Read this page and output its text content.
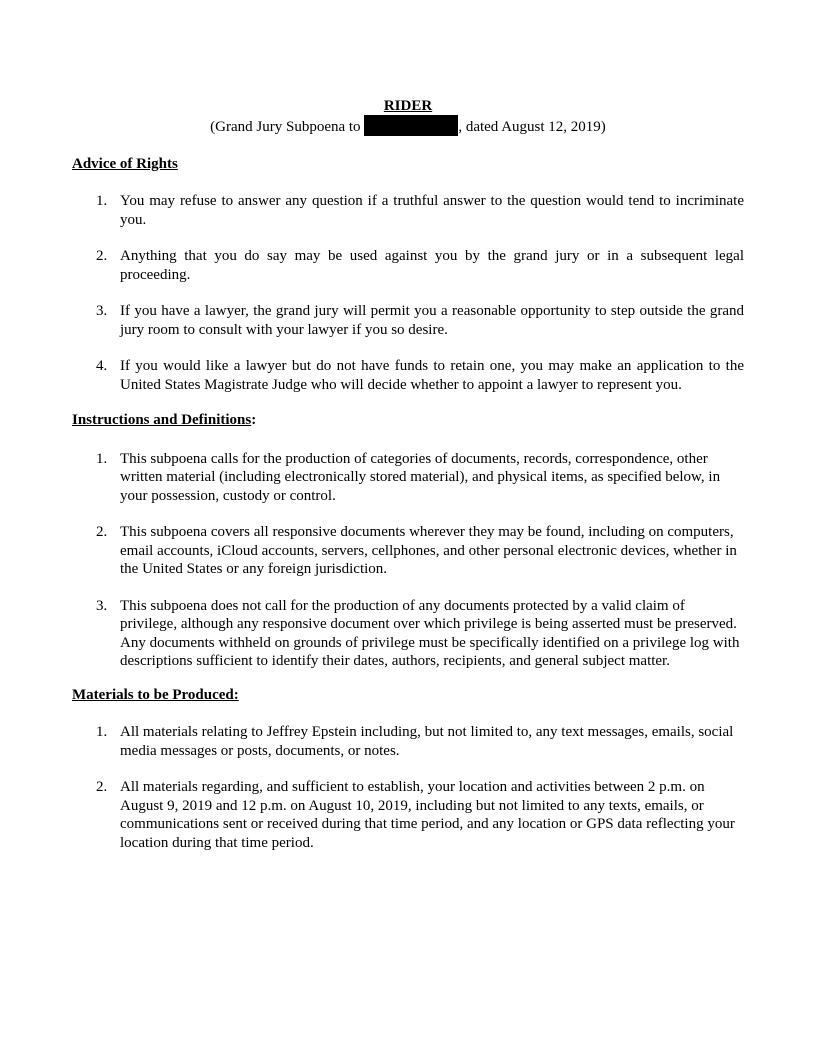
RIDER

(Grand Jury Subpoena to	, dated August 12, 2019)

Advice of Rights

1. You may refuse to answer any question if a truthful answer to the question would tend to incriminate you.
2. Anything that you do say may be used against you by the grand jury or in a subsequent legal proceeding.
3. If you have a lawyer, the grand jury will permit you a reasonable opportunity to step outside the grand jury room to consult with your lawyer if you so desire.
4. If you would like a lawyer but do not have funds to retain one, you may make an application to the United States Magistrate Judge who will decide whether to appoint a lawyer to represent you.

Instructions and Definitions:

1. This subpoena calls for the production of categories of documents, records, correspondence, other written material (including electronically stored material), and physical items, as specified below, in your possession, custody or control.
2. This subpoena covers all responsive documents wherever they may be found, including on computers, email accounts, iCloud accounts, servers, cellphones, and other personal electronic devices, whether in the United States or any foreign jurisdiction.
3. This subpoena does not call for the production of any documents protected by a valid claim of privilege, although any responsive document over which privilege is being asserted must be preserved. Any documents withheld on grounds of privilege must be specifically identified on a privilege log with descriptions sufficient to identify their dates, authors, recipients, and general subject matter.

Materials to be Produced:

1. All materials relating to Jeffrey Epstein including, but not limited to, any text messages, emails, social media messages or posts, documents, or notes.
2. All materials regarding, and sufficient to establish, your location and activities between 2 p.m. on August 9, 2019 and 12 p.m. on August 10, 2019, including but not limited to any texts, emails, or communications sent or received during that time period, and any location or GPS data reflecting your location during that time period.
